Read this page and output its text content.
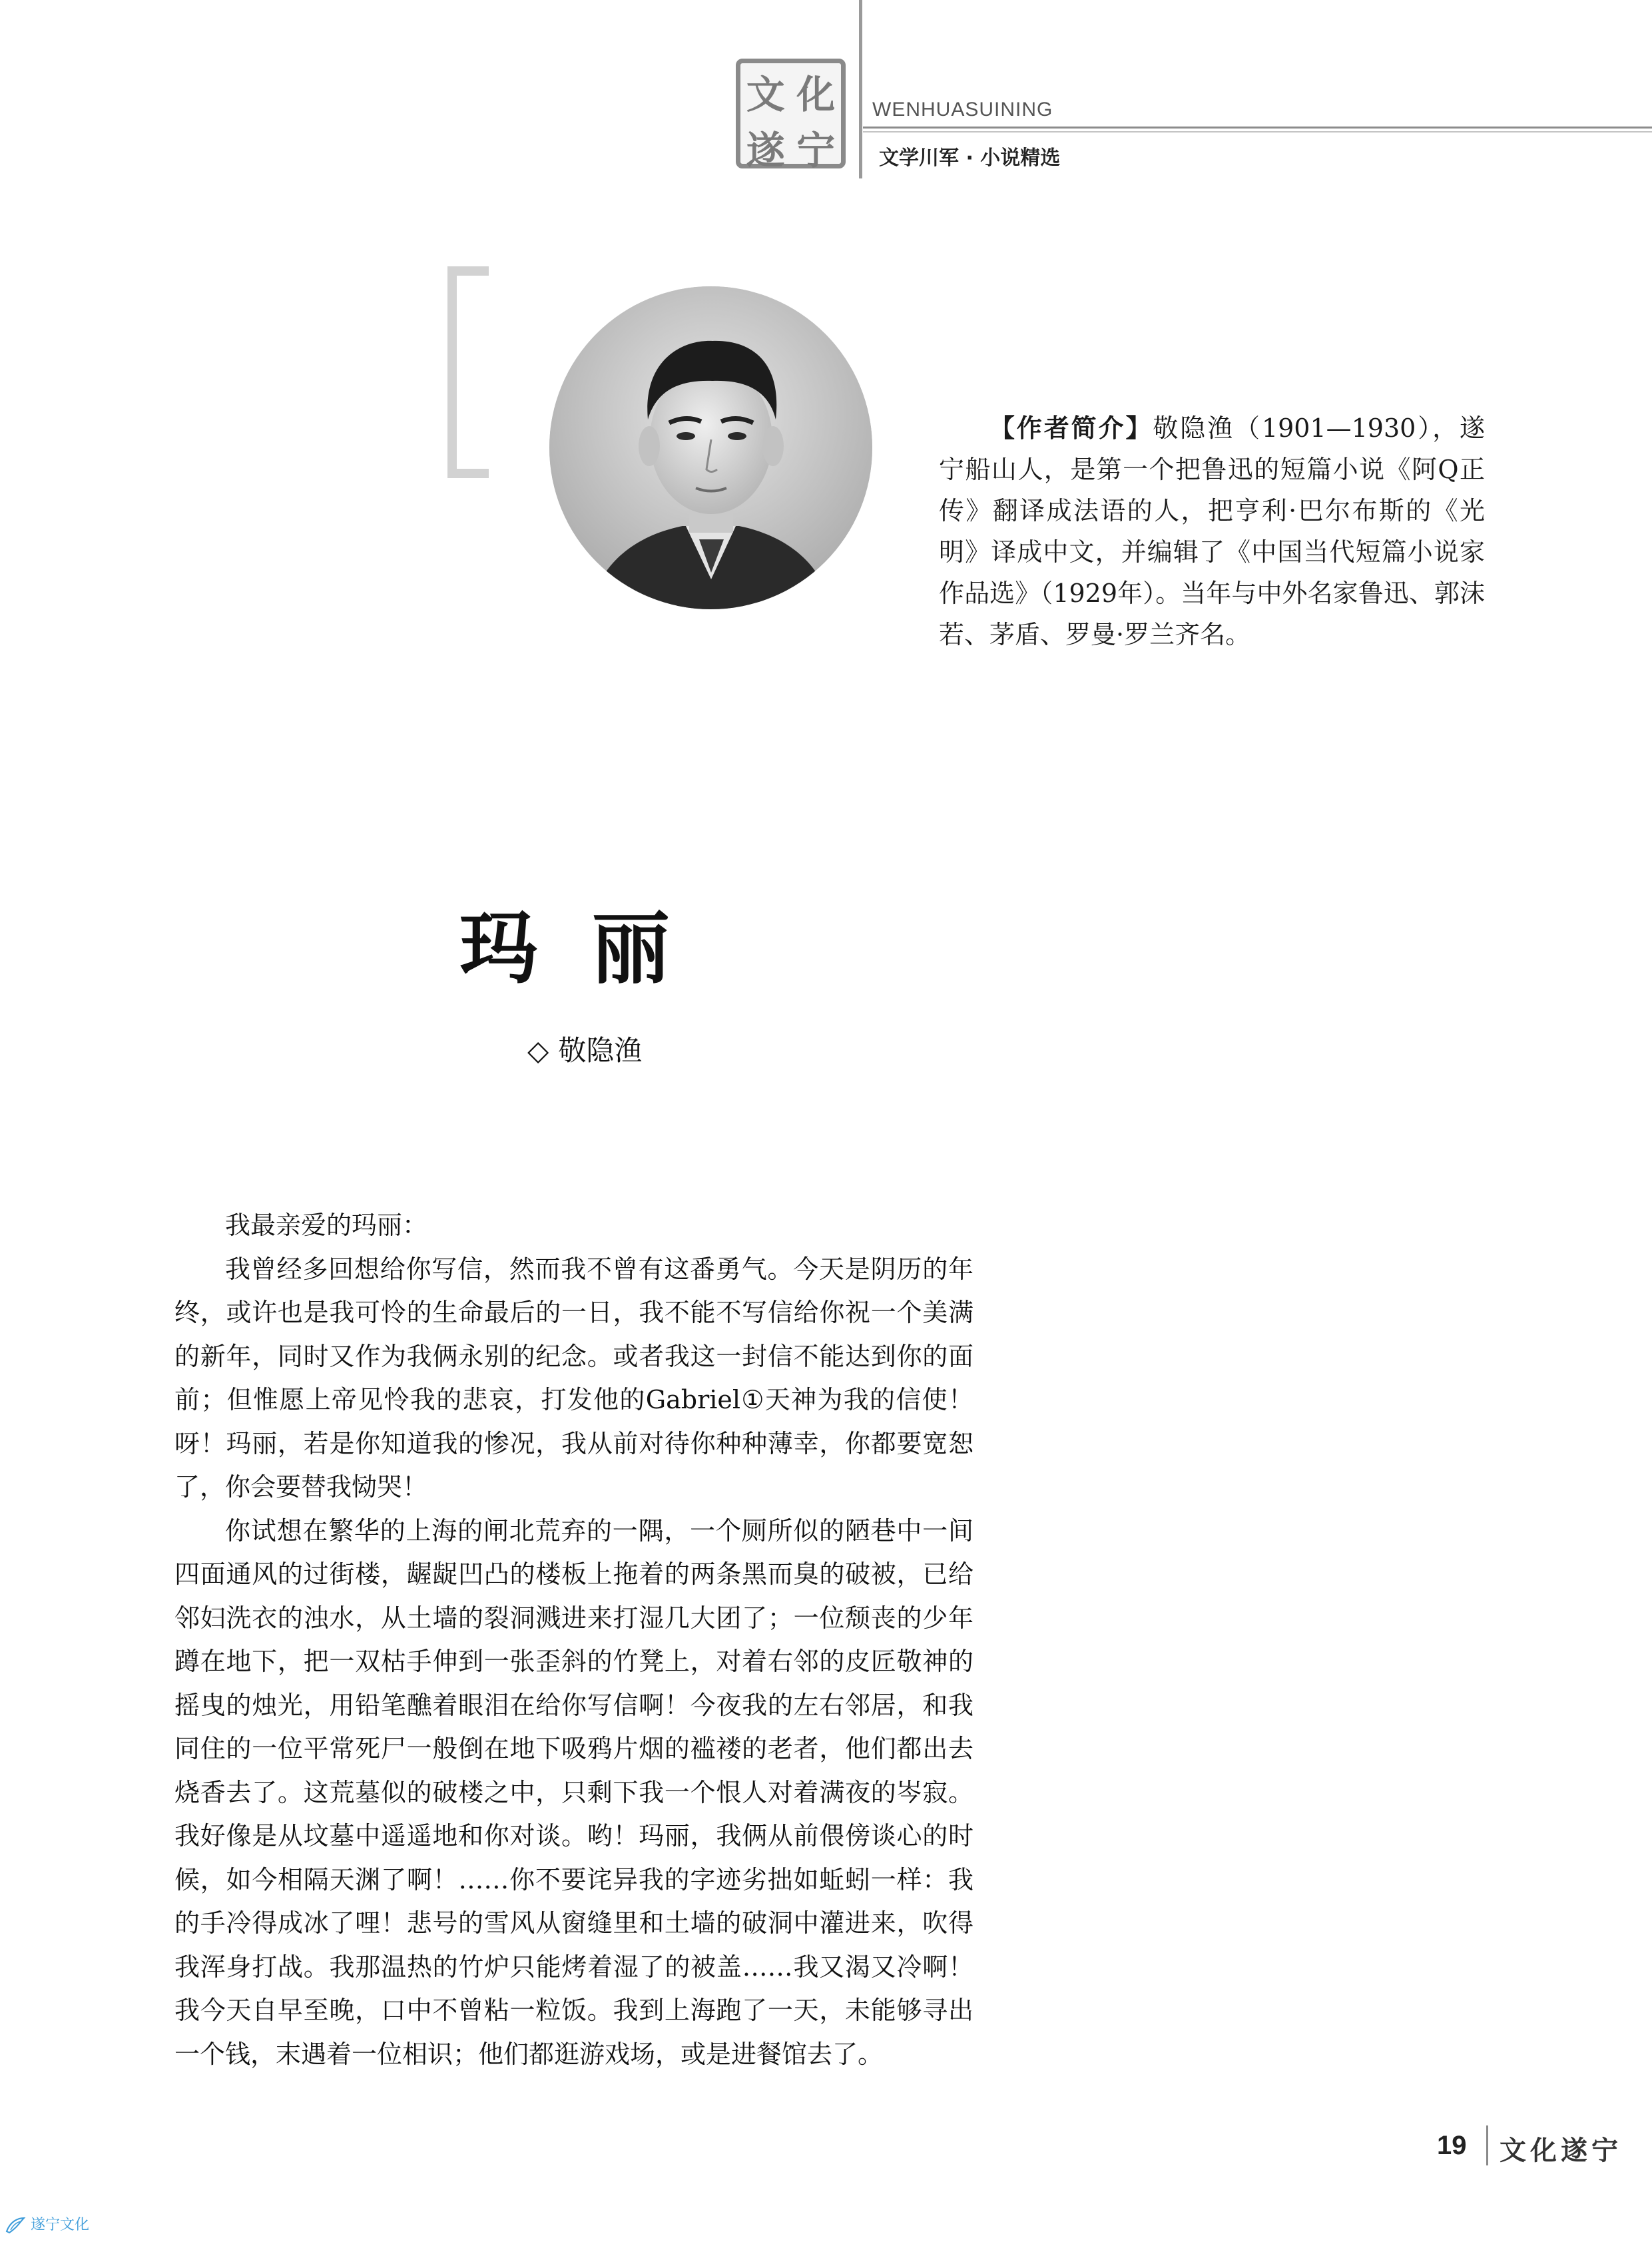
文 化
遂 宁
WENHUASUINING
文学川军 · 小说精选
【作者简介】敬隐渔（1901—1930），遂宁船山人，是第一个把鲁迅的短篇小说《阿Q正传》翻译成法语的人，把亨利·巴尔布斯的《光明》译成中文，并编辑了《中国当代短篇小说家作品选》（1929年）。当年与中外名家鲁迅、郭沫若、茅盾、罗曼·罗兰齐名。
玛丽
◇ 敬隐渔

我最亲爱的玛丽：

我曾经多回想给你写信，然而我不曾有这番勇气。今天是阴历的年终，或许也是我可怜的生命最后的一日，我不能不写信给你祝一个美满的新年，同时又作为我俩永别的纪念。或者我这一封信不能达到你的面前；但惟愿上帝见怜我的悲哀，打发他的Gabriel①天神为我的信使！呀！玛丽，若是你知道我的惨况，我从前对待你种种薄幸，你都要宽恕了，你会要替我恸哭！

你试想在繁华的上海的闸北荒弃的一隅，一个厕所似的陋巷中一间四面通风的过街楼，龌龊凹凸的楼板上拖着的两条黑而臭的破被，已给邻妇洗衣的浊水，从土墙的裂洞溅进来打湿几大团了；一位颓丧的少年蹲在地下，把一双枯手伸到一张歪斜的竹凳上，对着右邻的皮匠敬神的摇曳的烛光，用铅笔醮着眼泪在给你写信啊！今夜我的左右邻居，和我同住的一位平常死尸一般倒在地下吸鸦片烟的褴褛的老者，他们都出去烧香去了。这荒墓似的破楼之中，只剩下我一个恨人对着满夜的岑寂。我好像是从坟墓中遥遥地和你对谈。哟！玛丽，我俩从前偎傍谈心的时候，如今相隔天渊了啊！……你不要诧异我的字迹劣拙如蚯蚓一样：我的手冷得成冰了哩！悲号的雪风从窗缝里和土墙的破洞中灌进来，吹得我浑身打战。我那温热的竹炉只能烤着湿了的被盖……我又渴又冷啊！我今天自早至晚，口中不曾粘一粒饭。我到上海跑了一天，未能够寻出一个钱，末遇着一位相识；他们都逛游戏场，或是进餐馆去了。

19 文化遂宁
遂宁文化
